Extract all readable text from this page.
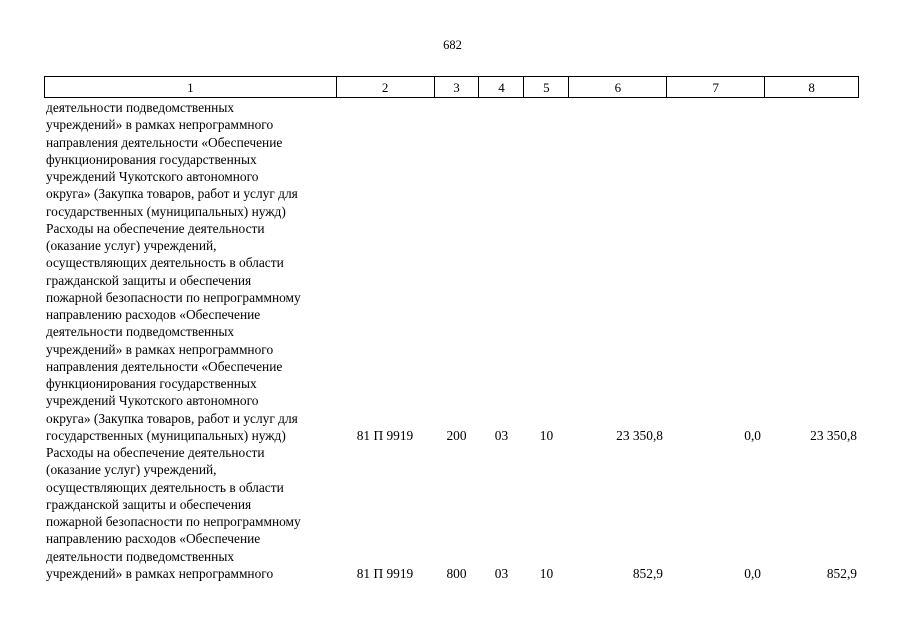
682
1	2	3	4	5	6	7	8
деятельности подведомственных
учреждений» в рамках непрограммного
направления деятельности «Обеспечение
функционирования государственных
учреждений Чукотского автономного
округа» (Закупка товаров, работ и услуг для
государственных (муниципальных) нужд)
Расходы на обеспечение деятельности
(оказание услуг) учреждений,
осуществляющих деятельность в области
гражданской защиты и обеспечения
пожарной безопасности по непрограммному
направлению расходов «Обеспечение
деятельности подведомственных
учреждений» в рамках непрограммного
направления деятельности «Обеспечение
функционирования государственных
учреждений Чукотского автономного
округа» (Закупка товаров, работ и услуг для
государственных (муниципальных) нужд)	81 П 9919	200	03	10	23 350,8	0,0	23 350,8
Расходы на обеспечение деятельности
(оказание услуг) учреждений,
осуществляющих деятельность в области
гражданской защиты и обеспечения
пожарной безопасности по непрограммному
направлению расходов «Обеспечение
деятельности подведомственных
учреждений» в рамках непрограммного	81 П 9919	800	03	10	852,9	0,0	852,9
